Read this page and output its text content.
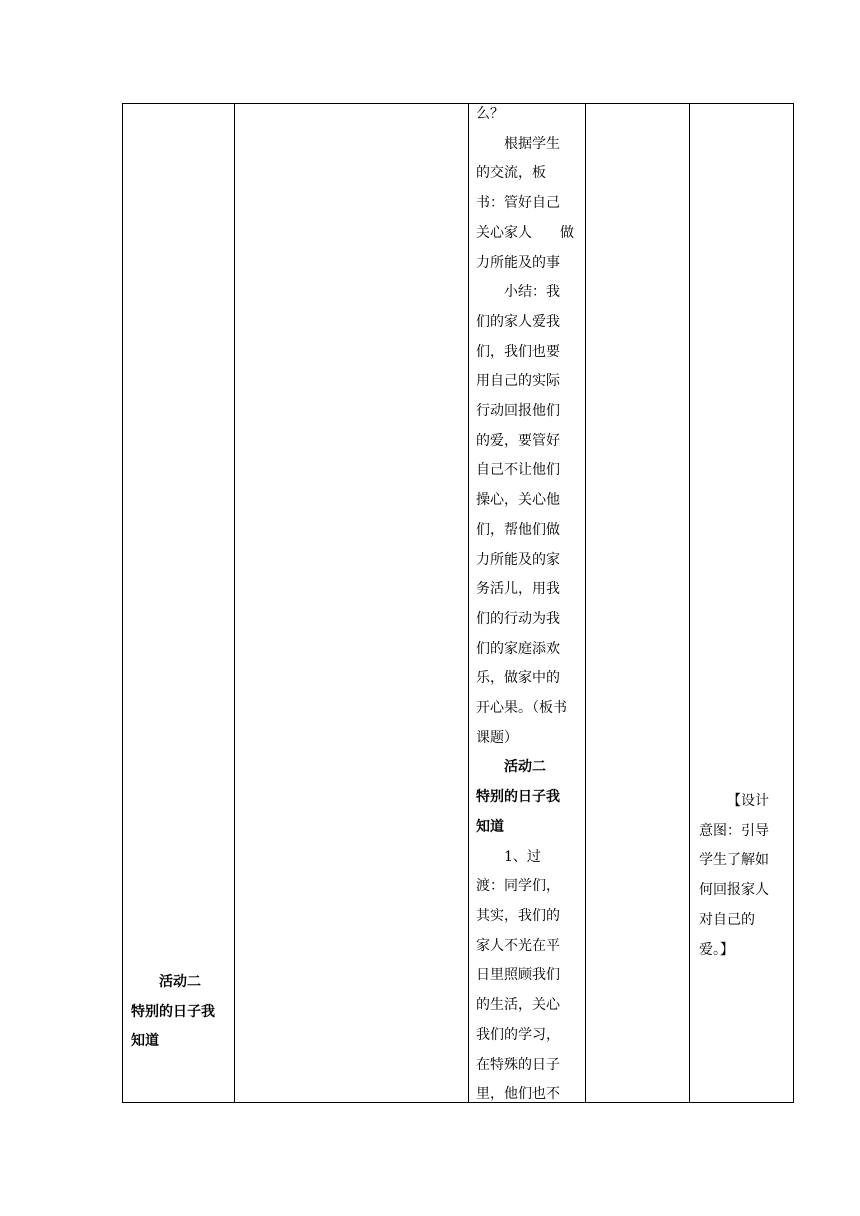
活动二
特别的日子我
知道
么？
根据学生
的交流，板
书：管好自己
关心家人　　做
力所能及的事
小结：我
们的家人爱我
们，我们也要
用自己的实际
行动回报他们
的爱，要管好
自己不让他们
操心，关心他
们，帮他们做
力所能及的家
务活儿，用我
们的行动为我
们的家庭添欢
乐，做家中的
开心果。（板书
课题）
活动二
特别的日子我
知道
1、过
渡：同学们，
其实，我们的
家人不光在平
日里照顾我们
的生活，关心
我们的学习，
在特殊的日子
里，他们也不
【设计
意图：引导
学生了解如
何回报家人
对自己的
爱。】
